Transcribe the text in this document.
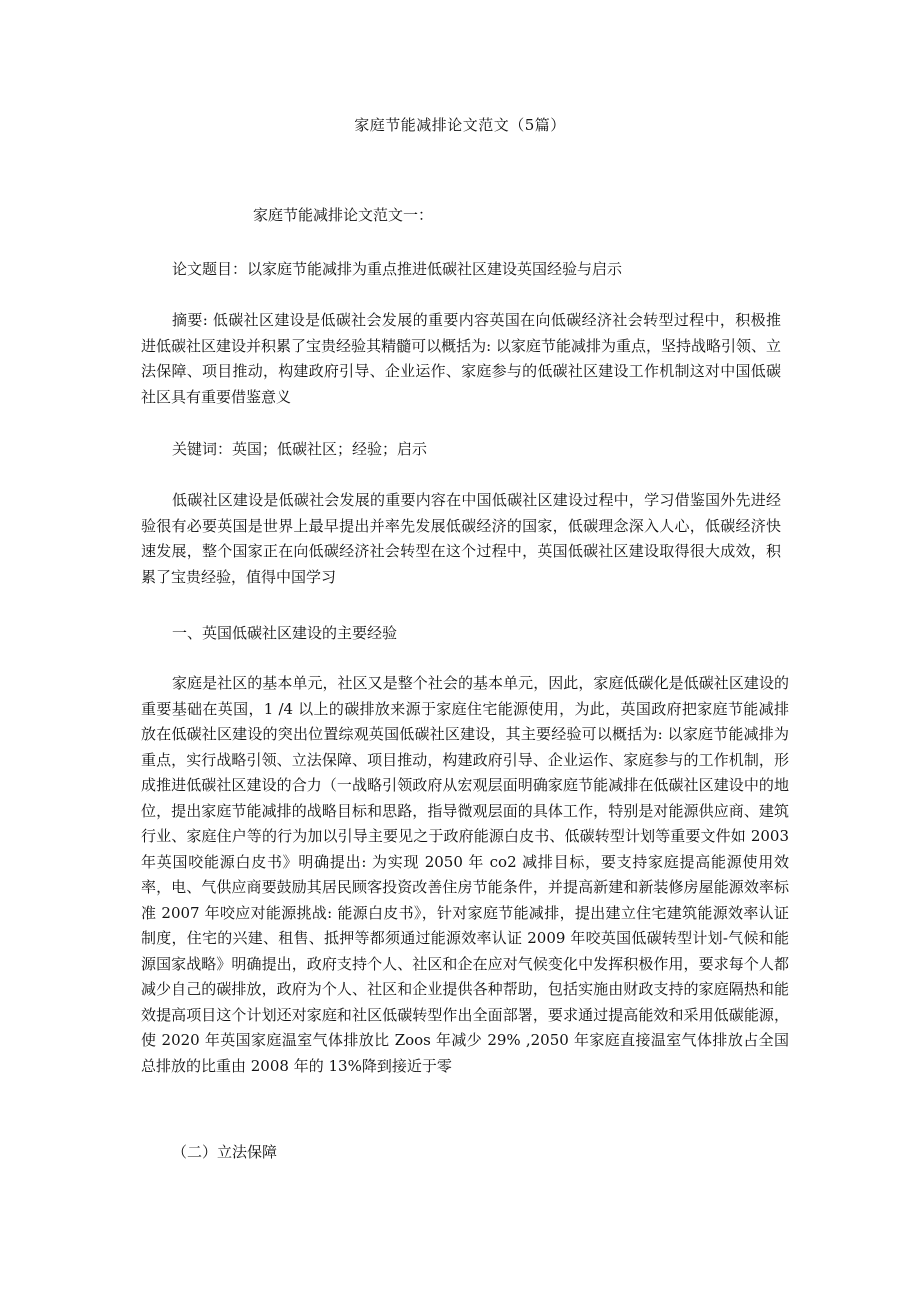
家庭节能减排论文范文（5篇）
家庭节能减排论文范文一：
论文题目：以家庭节能减排为重点推进低碳社区建设英国经验与启示
摘要: 低碳社区建设是低碳社会发展的重要内容英国在向低碳经济社会转型过程中，积极推进低碳社区建设并积累了宝贵经验其精髓可以概括为: 以家庭节能减排为重点，坚持战略引领、立法保障、项目推动，构建政府引导、企业运作、家庭参与的低碳社区建设工作机制这对中国低碳社区具有重要借鉴意义
关键词：英国；低碳社区；经验；启示
低碳社区建设是低碳社会发展的重要内容在中国低碳社区建设过程中，学习借鉴国外先进经验很有必要英国是世界上最早提出并率先发展低碳经济的国家，低碳理念深入人心，低碳经济快速发展，整个国家正在向低碳经济社会转型在这个过程中，英国低碳社区建设取得很大成效，积累了宝贵经验，值得中国学习
一、英国低碳社区建设的主要经验
家庭是社区的基本单元，社区又是整个社会的基本单元，因此，家庭低碳化是低碳社区建设的重要基础在英国，1 /4 以上的碳排放来源于家庭住宅能源使用，为此，英国政府把家庭节能减排放在低碳社区建设的突出位置综观英国低碳社区建设，其主要经验可以概括为: 以家庭节能减排为重点，实行战略引领、立法保障、项目推动，构建政府引导、企业运作、家庭参与的工作机制，形成推进低碳社区建设的合力（一战略引领政府从宏观层面明确家庭节能减排在低碳社区建设中的地位，提出家庭节能减排的战略目标和思路，指导微观层面的具体工作，特别是对能源供应商、建筑行业、家庭住户等的行为加以引导主要见之于政府能源白皮书、低碳转型计划等重要文件如 2003 年英国咬能源白皮书》明确提出: 为实现 2050 年 co2 减排目标，要支持家庭提高能源使用效率，电、气供应商要鼓励其居民顾客投资改善住房节能条件，并提高新建和新装修房屋能源效率标准 2007 年咬应对能源挑战: 能源白皮书》，针对家庭节能减排，提出建立住宅建筑能源效率认证制度，住宅的兴建、租售、抵押等都须通过能源效率认证 2009 年咬英国低碳转型计划-气候和能源国家战略》明确提出，政府支持个人、社区和企在应对气候变化中发挥积极作用，要求每个人都减少自己的碳排放，政府为个人、社区和企业提供各种帮助，包括实施由财政支持的家庭隔热和能效提高项目这个计划还对家庭和社区低碳转型作出全面部署，要求通过提高能效和采用低碳能源，使 2020 年英国家庭温室气体排放比 Zoos 年减少 29% ,2050 年家庭直接温室气体排放占全国总排放的比重由 2008 年的 13%降到接近于零
（二）立法保障
